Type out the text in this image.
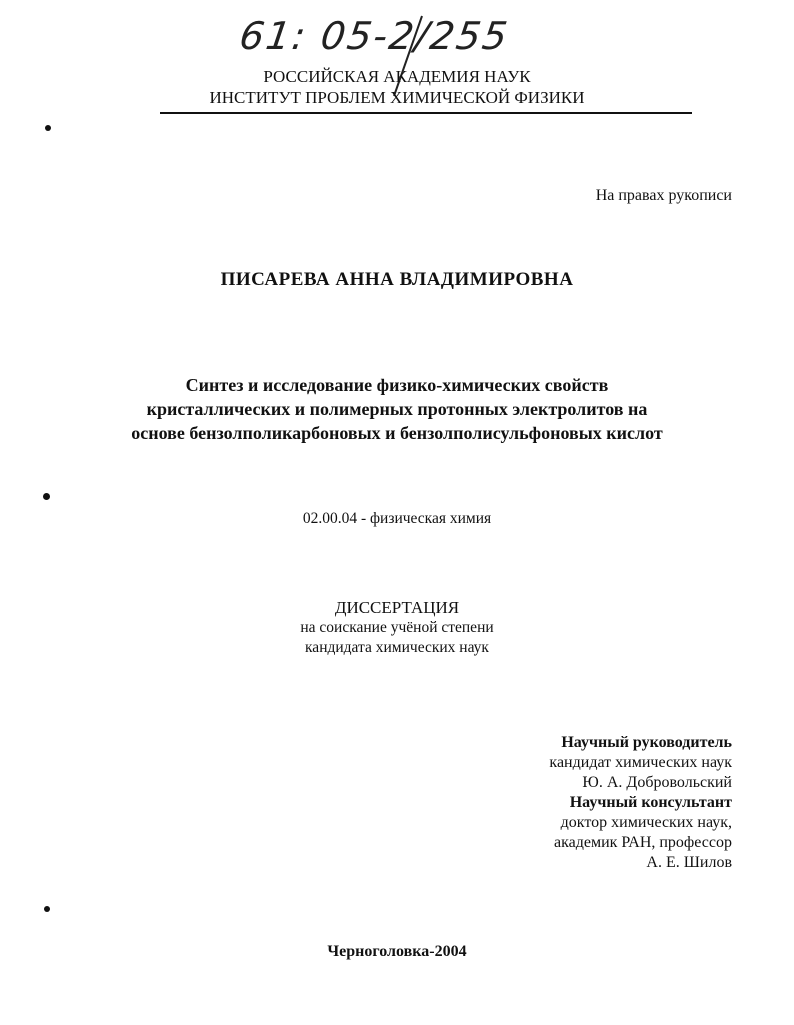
61: 05-2/255
РОССИЙСКАЯ АКАДЕМИЯ НАУК
ИНСТИТУТ ПРОБЛЕМ ХИМИЧЕСКОЙ ФИЗИКИ
На правах рукописи
ПИСАРЕВА АННА ВЛАДИМИРОВНА
Синтез и исследование физико-химических свойств
кристаллических и полимерных протонных электролитов на
основе бензолполикарбоновых и бензолполисульфоновых кислот
02.00.04 - физическая химия
ДИССЕРТАЦИЯ
на соискание учёной степени
кандидата химических наук
Научный руководитель
кандидат химических наук
Ю. А. Добровольский
Научный консультант
доктор химических наук,
академик РАН, профессор
А. Е. Шилов
Черноголовка-2004
